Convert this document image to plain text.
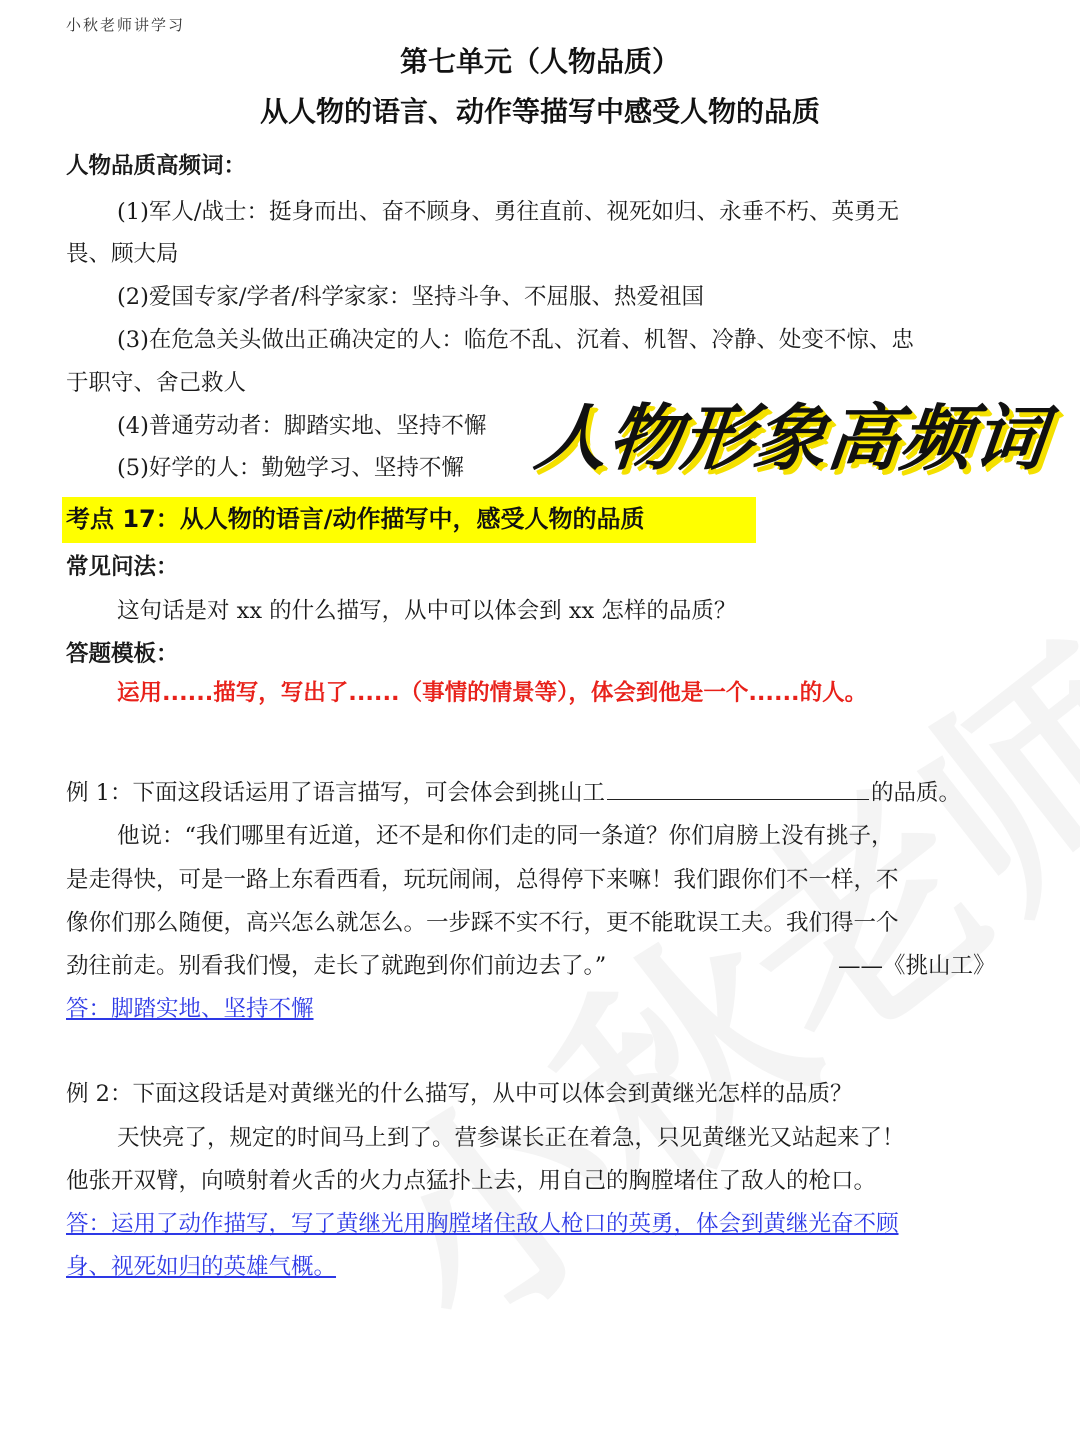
小秋老师讲学习
第七单元（人物品质）
从人物的语言、动作等描写中感受人物的品质
人物品质高频词：
(1)军人/战士：挺身而出、奋不顾身、勇往直前、视死如归、永垂不朽、英勇无
畏、顾大局
(2)爱国专家/学者/科学家家：坚持斗争、不屈服、热爱祖国
(3)在危急关头做出正确决定的人：临危不乱、沉着、机智、冷静、处变不惊、忠
于职守、舍己救人
(4)普通劳动者：脚踏实地、坚持不懈
(5)好学的人：勤勉学习、坚持不懈 人物形象高频词
考点 17：从人物的语言/动作描写中，感受人物的品质
常见问法：
这句话是对 xx 的什么描写，从中可以体会到 xx 怎样的品质？
答题模板：
运用......描写，写出了......（事情的情景等），体会到他是一个......的人。
例 1：下面这段话运用了语言描写，可会体会到挑山工	的品质。
他说：“我们哪里有近道，还不是和你们走的同一条道？你们肩膀上没有挑子，
是走得快，可是一路上东看西看，玩玩闹闹，总得停下来嘛！我们跟你们不一样，不
像你们那么随便，高兴怎么就怎么。一步踩不实不行，更不能耽误工夫。我们得一个
劲往前走。别看我们慢，走长了就跑到你们前边去了。”	——《挑山工》
答：脚踏实地、坚持不懈
例 2：下面这段话是对黄继光的什么描写，从中可以体会到黄继光怎样的品质？
天快亮了，规定的时间马上到了。营参谋长正在着急，只见黄继光又站起来了！
他张开双臂，向喷射着火舌的火力点猛扑上去，用自己的胸膛堵住了敌人的枪口。
答：运用了动作描写，写了黄继光用胸膛堵住敌人枪口的英勇，体会到黄继光奋不顾
身、视死如归的英雄气概。
